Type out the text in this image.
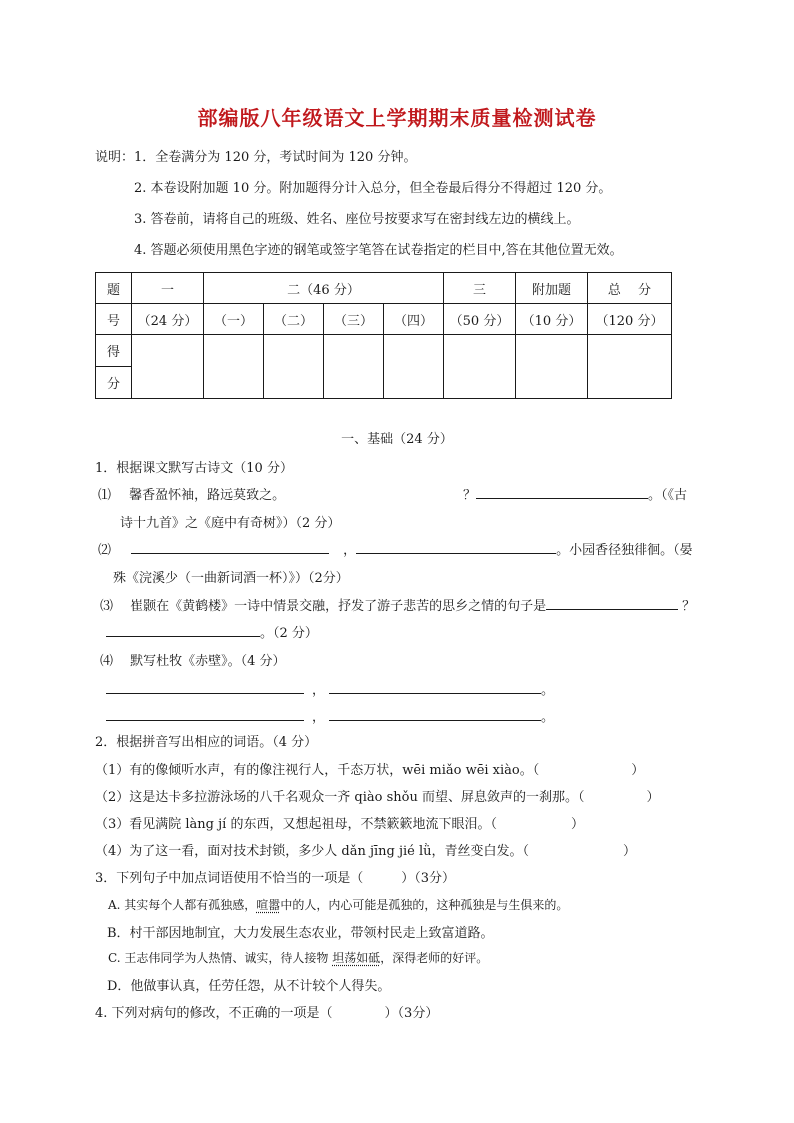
部编版八年级语文上学期期末质量检测试卷
说明：1．全卷满分为 120 分，考试时间为 120 分钟。
2. 本卷设附加题 10 分。附加题得分计入总分，但全卷最后得分不得超过 120 分。
3. 答卷前，请将自己的班级、姓名、座位号按要求写在密封线左边的横线上。
4. 答题必须使用黑色字迹的钢笔或签字笔答在试卷指定的栏目中,答在其他位置无效。
题	一	二（46 分）				三	附加题	总　 分
号	（24 分）	（一）	（二）	（三）	（四）	（50 分）	（10 分）	（120 分）
得								
分								
一、基础（24 分）
1．根据课文默写古诗文（10 分）
⑴ 馨香盈怀袖，路远莫致之。	？	。（《古
诗十九首》之《庭中有奇树》）（2 分）
⑵	，	。小园香径独徘徊。（晏
殊《浣溪少（一曲新词酒一杯）》）（2分）
⑶ 崔颢在《黄鹤楼》一诗中情景交融，抒发了游子悲苦的思乡之情的句子是	？
。（2 分）
⑷ 默写杜牧《赤壁》。（4 分）
，	。
，	。
2．根据拼音写出相应的词语。（4 分）
（1）有的像倾听水声，有的像注视行人，千态万状，wēi miǎo wēi xiào。（	）
（2）这是达卡多拉游泳场的八千名观众一齐 qiào shǒu 而望、屏息敛声的一刹那。（	）
（3）看见满院 làng jí 的东西，又想起祖母，不禁簌簌地流下眼泪。（	）
（4）为了这一看，面对技术封锁，多少人 dǎn jīng jié lǜ，青丝变白发。（	）
3．下列句子中加点词语使用不恰当的一项是（	）（3分）
A. 其实每个人都有孤独感，喧嚣中的人，内心可能是孤独的，这种孤独是与生俱来的。
B．村干部因地制宜，大力发展生态农业，带领村民走上致富道路。
C. 王志伟同学为人热情、诚实，待人接物 坦荡如砥，深得老师的好评。
D．他做事认真，任劳任怨，从不计较个人得失。
4. 下列对病句的修改，不正确的一项是（	）（3分）
